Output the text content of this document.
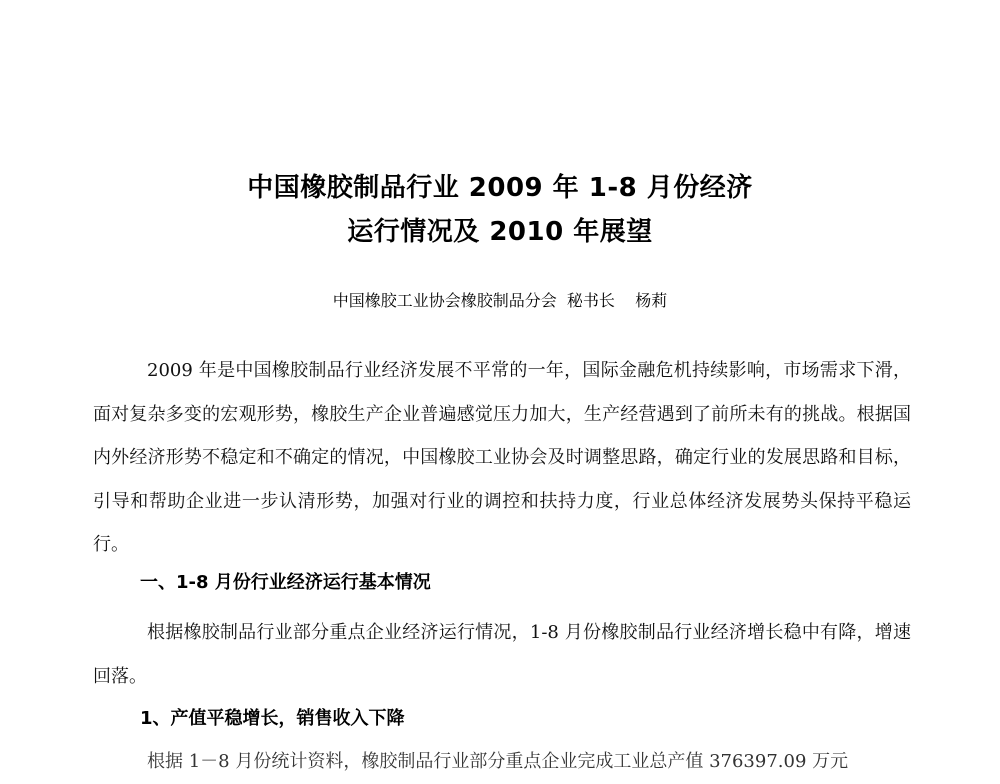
中国橡胶制品行业 2009 年 1-8 月份经济
运行情况及 2010 年展望
中国橡胶工业协会橡胶制品分会  秘书长    杨莉
2009 年是中国橡胶制品行业经济发展不平常的一年，国际金融危机持续影响，市场需求下滑，面对复杂多变的宏观形势，橡胶生产企业普遍感觉压力加大，生产经营遇到了前所未有的挑战。根据国内外经济形势不稳定和不确定的情况，中国橡胶工业协会及时调整思路，确定行业的发展思路和目标，引导和帮助企业进一步认清形势，加强对行业的调控和扶持力度，行业总体经济发展势头保持平稳运行。
一、1-8 月份行业经济运行基本情况
根据橡胶制品行业部分重点企业经济运行情况，1-8 月份橡胶制品行业经济增长稳中有降，增速回落。
1、产值平稳增长，销售收入下降
根据 1－8 月份统计资料，橡胶制品行业部分重点企业完成工业总产值 376397.09 万元
